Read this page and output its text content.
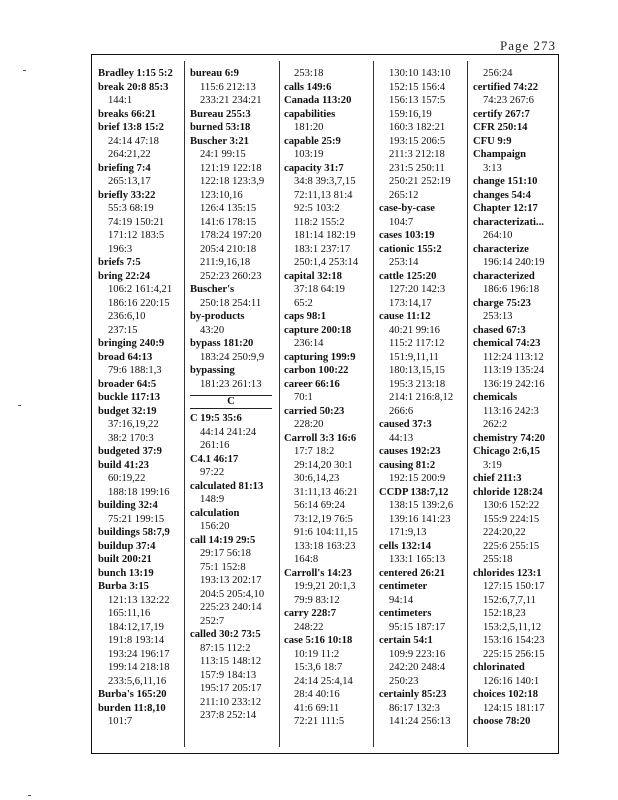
Page 273
Bradley 1:15 5:2
break 20:8 85:3
144:1
breaks 66:21
brief 13:8 15:2
24:14 47:18
264:21,22
briefing 7:4
265:13,17
briefly 33:22
55:3 68:19
74:19 150:21
171:12 183:5
196:3
briefs 7:5
bring 22:24
106:2 161:4,21
186:16 220:15
236:6,10
237:15
bringing 240:9
broad 64:13
79:6 188:1,3
broader 64:5
buckle 117:13
budget 32:19
37:16,19,22
38:2 170:3
budgeted 37:9
build 41:23
60:19,22
188:18 199:16
building 32:4
75:21 199:15
buildings 58:7,9
buildup 37:4
built 200:21
bunch 13:19
Burba 3:15
121:13 132:22
165:11,16
184:12,17,19
191:8 193:14
193:24 196:17
199:14 218:18
233:5,6,11,16
Burba's 165:20
burden 11:8,10
101:7
bureau 6:9
115:6 212:13
233:21 234:21
Bureau 255:3
burned 53:18
Buscher 3:21
24:1 99:15
121:19 122:18
122:18 123:3,9
123:10,16
126:4 135:15
141:6 178:15
178:24 197:20
205:4 210:18
211:9,16,18
252:23 260:23
Buscher's
250:18 254:11
by-products
43:20
bypass 181:20
183:24 250:9,9
bypassing
181:23 261:13
C
C 19:5 35:6
44:14 241:24
261:16
C4.1 46:17
97:22
calculated 81:13
148:9
calculation
156:20
call 14:19 29:5
29:17 56:18
75:1 152:8
193:13 202:17
204:5 205:4,10
225:23 240:14
252:7
called 30:2 73:5
87:15 112:2
113:15 148:12
157:9 184:13
195:17 205:17
211:10 233:12
237:8 252:14
253:18
calls 149:6
Canada 113:20
capabilities
181:20
capable 25:9
103:19
capacity 31:7
34:8 39:3,7,15
72:11,13 81:4
92:5 103:2
118:2 155:2
181:14 182:19
183:1 237:17
250:1,4 253:14
capital 32:18
37:18 64:19
65:2
caps 98:1
capture 200:18
236:14
capturing 199:9
carbon 100:22
career 66:16
70:1
carried 50:23
228:20
Carroll 3:3 16:6
17:7 18:2
29:14,20 30:1
30:6,14,23
31:11,13 46:21
56:14 69:24
73:12,19 76:5
91:6 104:11,15
133:18 163:23
164:8
Carroll's 14:23
19:9,21 20:1,3
79:9 83:12
carry 228:7
248:22
case 5:16 10:18
10:19 11:2
15:3,6 18:7
24:14 25:4,14
28:4 40:16
41:6 69:11
72:21 111:5
130:10 143:10
152:15 156:4
156:13 157:5
159:16,19
160:3 182:21
193:15 206:5
211:3 212:18
231:5 250:11
250:21 252:19
265:12
case-by-case
104:7
cases 103:19
cationic 155:2
253:14
cattle 125:20
127:20 142:3
173:14,17
cause 11:12
40:21 99:16
115:2 117:12
151:9,11,11
180:13,15,15
195:3 213:18
214:1 216:8,12
266:6
caused 37:3
44:13
causes 192:23
causing 81:2
192:15 200:9
CCDP 138:7,12
138:15 139:2,6
139:16 141:23
171:9,13
cells 132:14
133:1 165:13
centered 26:21
centimeter
94:14
centimeters
95:15 187:17
certain 54:1
109:9 223:16
242:20 248:4
250:23
certainly 85:23
86:17 132:3
141:24 256:13
256:24
certified 74:22
74:23 267:6
certify 267:7
CFR 250:14
CFU 9:9
Champaign
3:13
change 151:10
changes 54:4
Chapter 12:17
characterizati...
264:10
characterize
196:14 240:19
characterized
186:6 196:18
charge 75:23
253:13
chased 67:3
chemical 74:23
112:24 113:12
113:19 135:24
136:19 242:16
chemicals
113:16 242:3
262:2
chemistry 74:20
Chicago 2:6,15
3:19
chief 211:3
chloride 128:24
130:6 152:22
155:9 224:15
224:20,22
225:6 255:15
255:18
chlorides 123:1
127:15 150:17
152:6,7,7,11
152:18,23
153:2,5,11,12
153:16 154:23
225:15 256:15
chlorinated
126:16 140:1
choices 102:18
124:15 181:17
choose 78:20
